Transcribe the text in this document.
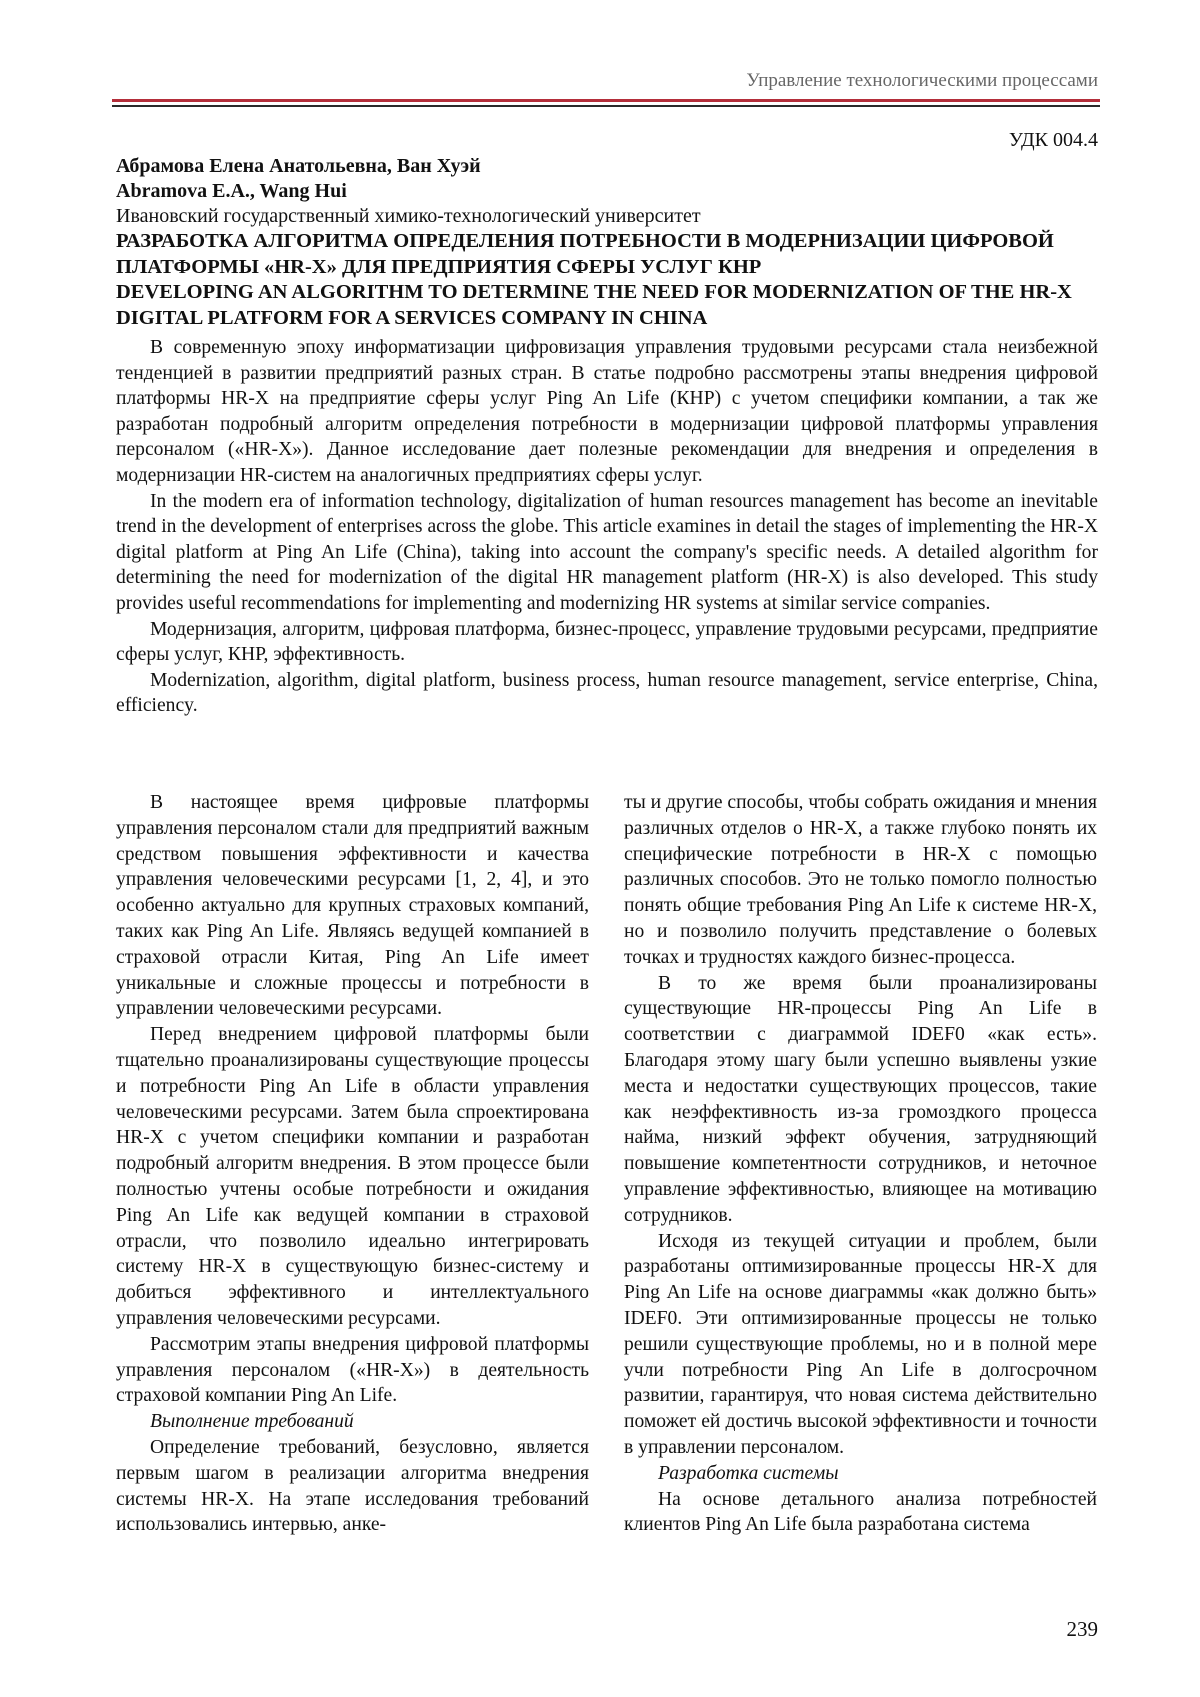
Управление технологическими процессами
УДК 004.4
Абрамова Елена Анатольевна, Ван Хуэй
Abramova E.A., Wang Hui
Ивановский государственный химико-технологический университет
РАЗРАБОТКА АЛГОРИТМА ОПРЕДЕЛЕНИЯ ПОТРЕБНОСТИ В МОДЕРНИЗАЦИИ ЦИФРОВОЙ ПЛАТФОРМЫ «HR-X» ДЛЯ ПРЕДПРИЯТИЯ СФЕРЫ УСЛУГ КНР
DEVELOPING AN ALGORITHM TO DETERMINE THE NEED FOR MODERNIZATION OF THE HR-X DIGITAL PLATFORM FOR A SERVICES COMPANY IN CHINA

В современную эпоху информатизации цифровизация управления трудовыми ресурсами стала неизбежной тенденцией в развитии предприятий разных стран. В статье подробно рассмотрены этапы внедрения цифровой платформы HR-X на предприятие сферы услуг Ping An Life (КНР) с учетом специфики компании, а так же разработан подробный алгоритм определения потребности в модернизации цифровой платформы управления персоналом («HR-X»). Данное исследование дает полезные рекомендации для внедрения и определения в модернизации HR-систем на аналогичных предприятиях сферы услуг.

In the modern era of information technology, digitalization of human resources management has become an inevitable trend in the development of enterprises across the globe. This article examines in detail the stages of implementing the HR-X digital platform at Ping An Life (China), taking into account the company's specific needs. A detailed algorithm for determining the need for modernization of the digital HR management platform (HR-X) is also developed. This study provides useful recommendations for implementing and modernizing HR systems at similar service companies.

Модернизация, алгоритм, цифровая платформа, бизнес-процесс, управление трудовыми ресурсами, предприятие сферы услуг, КНР, эффективность.

Modernization, algorithm, digital platform, business process, human resource management, service enterprise, China, efficiency.

В настоящее время цифровые платформы управления персоналом стали для предприятий важным средством повышения эффективности и качества управления человеческими ресурсами [1, 2, 4], и это особенно актуально для крупных страховых компаний, таких как Ping An Life. Являясь ведущей компанией в страховой отрасли Китая, Ping An Life имеет уникальные и сложные процессы и потребности в управлении человеческими ресурсами.

Перед внедрением цифровой платформы были тщательно проанализированы существующие процессы и потребности Ping An Life в области управления человеческими ресурсами. Затем была спроектирована HR-X с учетом специфики компании и разработан подробный алгоритм внедрения. В этом процессе были полностью учтены особые потребности и ожидания Ping An Life как ведущей компании в страховой отрасли, что позволило идеально интегрировать систему HR-X в существующую бизнес-систему и добиться эффективного и интеллектуального управления человеческими ресурсами.

Рассмотрим этапы внедрения цифровой платформы управления персоналом («HR-X») в деятельность страховой компании Ping An Life.

Выполнение требований

Определение требований, безусловно, является первым шагом в реализации алгоритма внедрения системы HR-X. На этапе исследования требований использовались интервью, анке-

ты и другие способы, чтобы собрать ожидания и мнения различных отделов о HR-X, а также глубоко понять их специфические потребности в HR-X с помощью различных способов. Это не только помогло полностью понять общие требования Ping An Life к системе HR-X, но и позволило получить представление о болевых точках и трудностях каждого бизнес-процесса.

В то же время были проанализированы существующие HR-процессы Ping An Life в соответствии с диаграммой IDEF0 «как есть». Благодаря этому шагу были успешно выявлены узкие места и недостатки существующих процессов, такие как неэффективность из-за громоздкого процесса найма, низкий эффект обучения, затрудняющий повышение компетентности сотрудников, и неточное управление эффективностью, влияющее на мотивацию сотрудников.

Исходя из текущей ситуации и проблем, были разработаны оптимизированные процессы HR-X для Ping An Life на основе диаграммы «как должно быть» IDEF0. Эти оптимизированные процессы не только решили существующие проблемы, но и в полной мере учли потребности Ping An Life в долгосрочном развитии, гарантируя, что новая система действительно поможет ей достичь высокой эффективности и точности в управлении персоналом.

Разработка системы

На основе детального анализа потребностей клиентов Ping An Life была разработана система

239
